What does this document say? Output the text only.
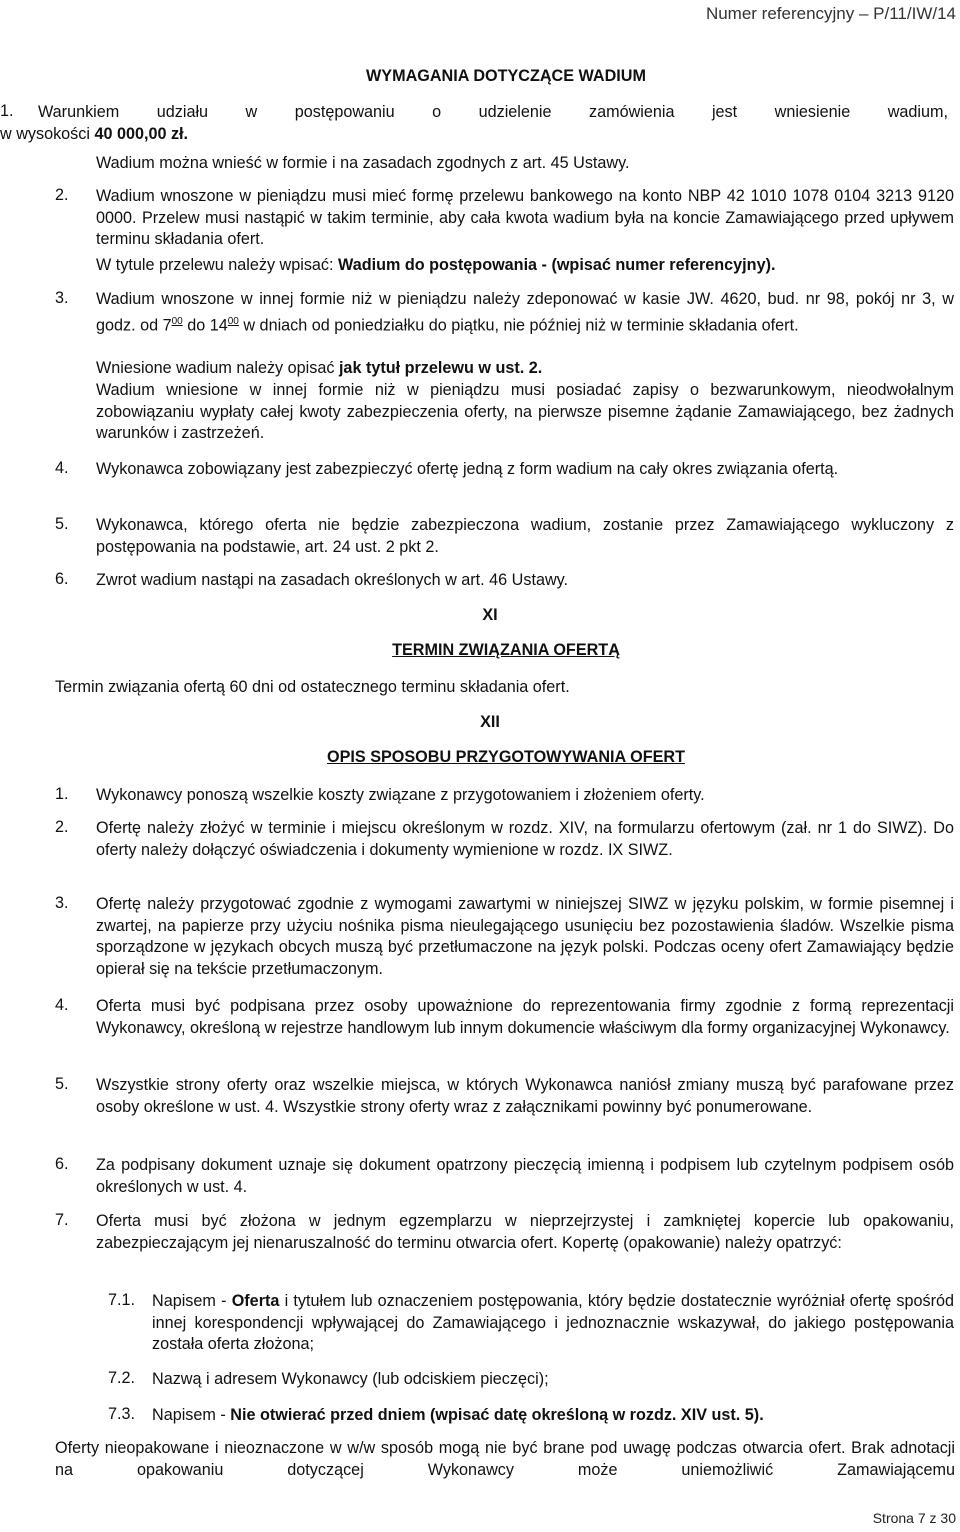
Numer referencyjny – P/11/IW/14
WYMAGANIA DOTYCZĄCE WADIUM
1. Warunkiem udziału w postępowaniu o udzielenie zamówienia jest wniesienie wadium,
w wysokości 40 000,00 zł.
Wadium można wnieść w formie i na zasadach zgodnych z art. 45 Ustawy.
2. Wadium wnoszone w pieniądzu musi mieć formę przelewu bankowego na konto NBP 42 1010 1078 0104 3213 9120 0000. Przelew musi nastąpić w takim terminie, aby cała kwota wadium była na koncie Zamawiającego przed upływem terminu składania ofert.
W tytule przelewu należy wpisać: Wadium do postępowania - (wpisać numer referencyjny).
3. Wadium wnoszone w innej formie niż w pieniądzu należy zdeponować w kasie JW. 4620, bud. nr 98, pokój nr 3, w godz. od $7^{00}$ do $14^{00}$ w dniach od poniedziałku do piątku, nie później niż w terminie składania ofert.
Wniesione wadium należy opisać jak tytuł przelewu w ust. 2.
Wadium wniesione w innej formie niż w pieniądzu musi posiadać zapisy o bezwarunkowym, nieodwołalnym zobowiązaniu wypłaty całej kwoty zabezpieczenia oferty, na pierwsze pisemne żądanie Zamawiającego, bez żadnych warunków i zastrzeżeń.
4. Wykonawca zobowiązany jest zabezpieczyć ofertę jedną z form wadium na cały okres związania ofertą.
5. Wykonawca, którego oferta nie będzie zabezpieczona wadium, zostanie przez Zamawiającego wykluczony z postępowania na podstawie, art. 24 ust. 2 pkt 2.
6. Zwrot wadium nastąpi na zasadach określonych w art. 46 Ustawy.
XI
TERMIN ZWIĄZANIA OFERTĄ
Termin związania ofertą 60 dni od ostatecznego terminu składania ofert.
XII
OPIS SPOSOBU PRZYGOTOWYWANIA OFERT
1. Wykonawcy ponoszą wszelkie koszty związane z przygotowaniem i złożeniem oferty.
2. Ofertę należy złożyć w terminie i miejscu określonym w rozdz. XIV, na formularzu ofertowym (zał. nr 1 do SIWZ). Do oferty należy dołączyć oświadczenia i dokumenty wymienione w rozdz. IX SIWZ.
3. Ofertę należy przygotować zgodnie z wymogami zawartymi w niniejszej SIWZ w języku polskim, w formie pisemnej i zwartej, na papierze przy użyciu nośnika pisma nieulegającego usunięciu bez pozostawienia śladów. Wszelkie pisma sporządzone w językach obcych muszą być przetłumaczone na język polski. Podczas oceny ofert Zamawiający będzie opierał się na tekście przetłumaczonym.
4. Oferta musi być podpisana przez osoby upoważnione do reprezentowania firmy zgodnie z formą reprezentacji Wykonawcy, określoną w rejestrze handlowym lub innym dokumencie właściwym dla formy organizacyjnej Wykonawcy.
5. Wszystkie strony oferty oraz wszelkie miejsca, w których Wykonawca naniósł zmiany muszą być parafowane przez osoby określone w ust. 4. Wszystkie strony oferty wraz z załącznikami powinny być ponumerowane.
6. Za podpisany dokument uznaje się dokument opatrzony pieczęcią imienną i podpisem lub czytelnym podpisem osób określonych w ust. 4.
7. Oferta musi być złożona w jednym egzemplarzu w nieprzejrzystej i zamkniętej kopercie lub opakowaniu, zabezpieczającym jej nienaruszalność do terminu otwarcia ofert. Kopertę (opakowanie) należy opatrzyć:
7.1. Napisem - Oferta i tytułem lub oznaczeniem postępowania, który będzie dostatecznie wyróżniał ofertę spośród innej korespondencji wpływającej do Zamawiającego i jednoznacznie wskazywał, do jakiego postępowania została oferta złożona;
7.2. Nazwą i adresem Wykonawcy (lub odciskiem pieczęci);
7.3. Napisem - Nie otwierać przed dniem (wpisać datę określoną w rozdz. XIV ust. 5).
Oferty nieopakowane i nieoznaczone w w/w sposób mogą nie być brane pod uwagę podczas otwarcia ofert. Brak adnotacji na opakowaniu dotyczącej Wykonawcy może uniemożliwić Zamawiającemu
Strona 7 z 30
